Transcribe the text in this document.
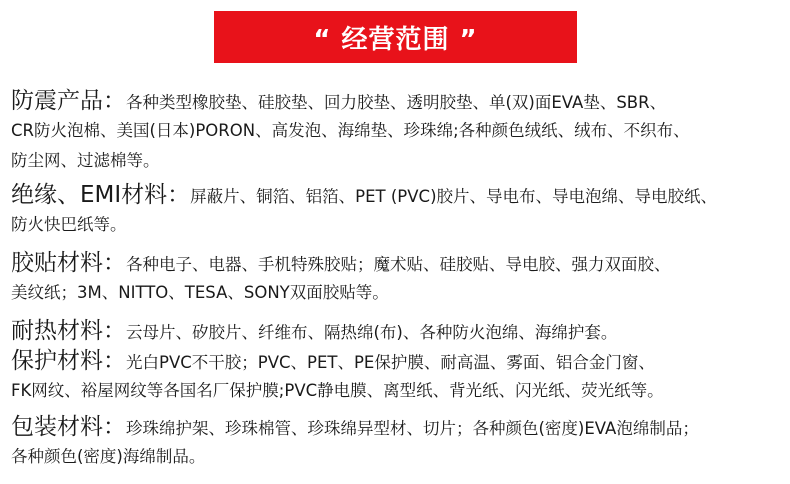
“ 经营范围 ”
防震产品：各种类型橡胶垫、硅胶垫、回力胶垫、透明胶垫、单(双)面EVA垫、SBR、
CR防火泡棉、美国(日本)PORON、高发泡、海绵垫、珍珠绵;各种颜色绒纸、绒布、不织布、
防尘网、过滤棉等。
绝缘、EMI材料：屏蔽片、铜箔、铝箔、PET (PVC)胶片、导电布、导电泡绵、导电胶纸、
防火快巴纸等。
胶贴材料：各种电子、电器、手机特殊胶贴；魔术贴、硅胶贴、导电胶、强力双面胶、
美纹纸；3M、NITTO、TESA、SONY双面胶贴等。
耐热材料：云母片、矽胶片、纤维布、隔热绵(布)、各种防火泡绵、海绵护套。
保护材料：光白PVC不干胶；PVC、PET、PE保护膜、耐高温、雾面、铝合金门窗、
FK网纹、裕屋网纹等各国名厂保护膜;PVC静电膜、离型纸、背光纸、闪光纸、荧光纸等。
包装材料：珍珠绵护架、珍珠棉管、珍珠绵异型材、切片；各种颜色(密度)EVA泡绵制品；
各种颜色(密度)海绵制品。
